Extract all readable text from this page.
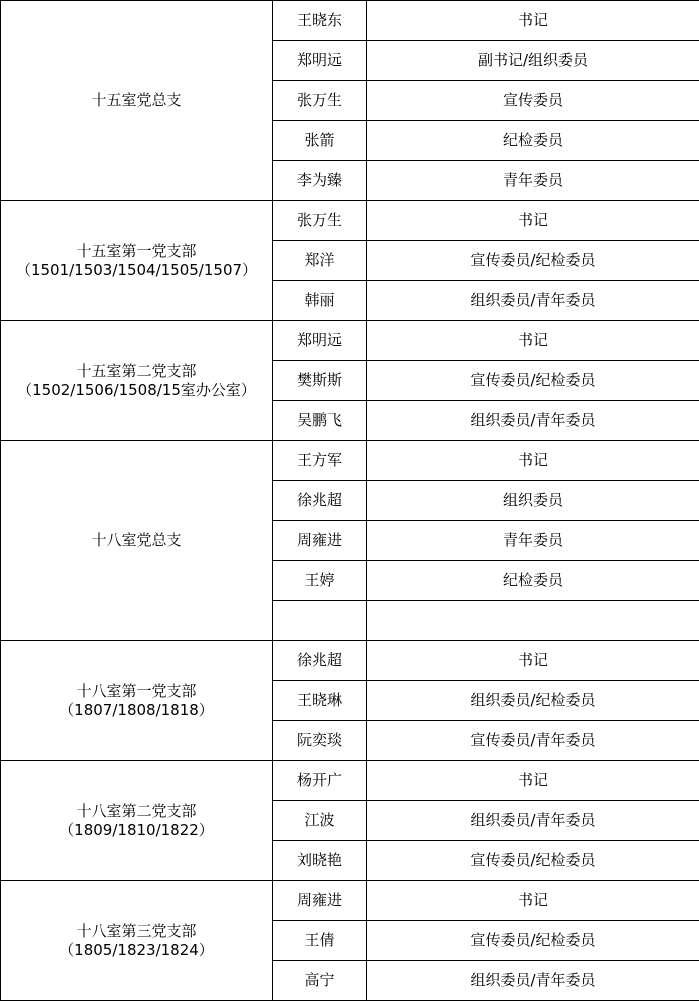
十五室党总支	王晓东	书记
	郑明远	副书记/组织委员
	张万生	宣传委员
	张箭	纪检委员
	李为臻	青年委员

十五室第一党支部
（1501/1503/1504/1505/1507）	张万生	书记
	郑洋	宣传委员/纪检委员
	韩丽	组织委员/青年委员

十五室第二党支部
（1502/1506/1508/15室办公室）	郑明远	书记
	樊斯斯	宣传委员/纪检委员
	吴鹏飞	组织委员/青年委员

十八室党总支	王方军	书记
	徐兆超	组织委员
	周雍进	青年委员
	王婷	纪检委员

十八室第一党支部
（1807/1808/1818）	徐兆超	书记
	王晓琳	组织委员/纪检委员
	阮奕琰	宣传委员/青年委员

十八室第二党支部
（1809/1810/1822）	杨开广	书记
	江波	组织委员/青年委员
	刘晓艳	宣传委员/纪检委员

十八室第三党支部
（1805/1823/1824）	周雍进	书记
	王倩	宣传委员/纪检委员
	高宁	组织委员/青年委员
